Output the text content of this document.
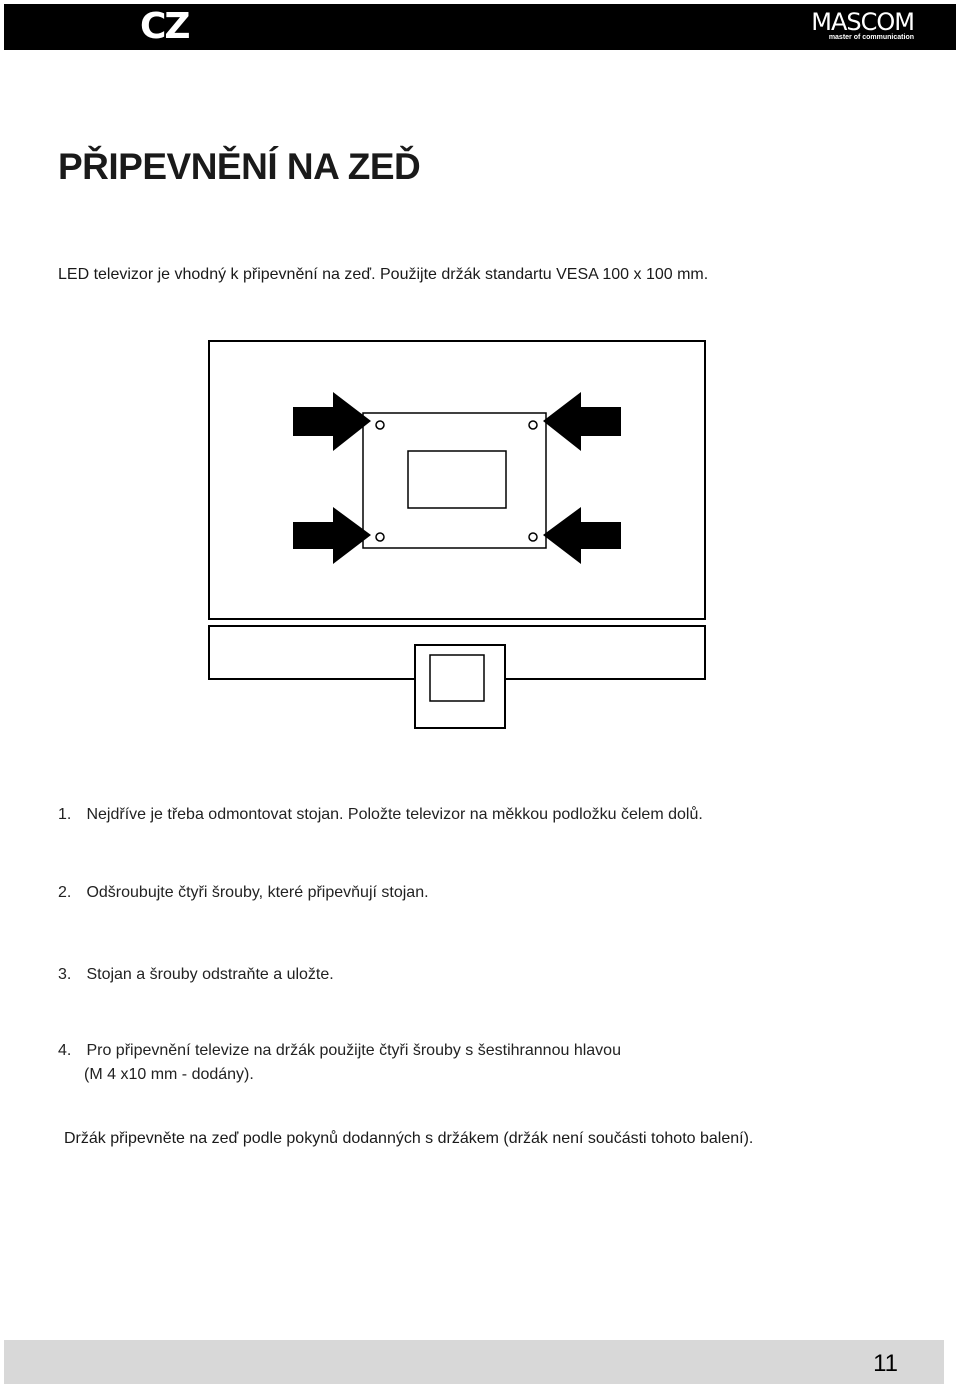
CZ	MASCOM
master of communication
PŘIPEVNĚNÍ NA ZEĎ
LED televizor je vhodný k připevnění na zeď. Použijte držák standartu VESA 100 x 100 mm.
1. Nejdříve je třeba odmontovat stojan. Položte televizor na měkkou podložku čelem dolů.
2. Odšroubujte čtyři šrouby, které připevňují stojan.
3. Stojan a šrouby odstraňte a uložte.
4. Pro připevnění televize na držák použijte čtyři šrouby s šestihrannou hlavou
(M 4 x10 mm - dodány).
Držák připevněte na zeď podle pokynů dodanných s držákem (držák není součásti tohoto balení).
11
